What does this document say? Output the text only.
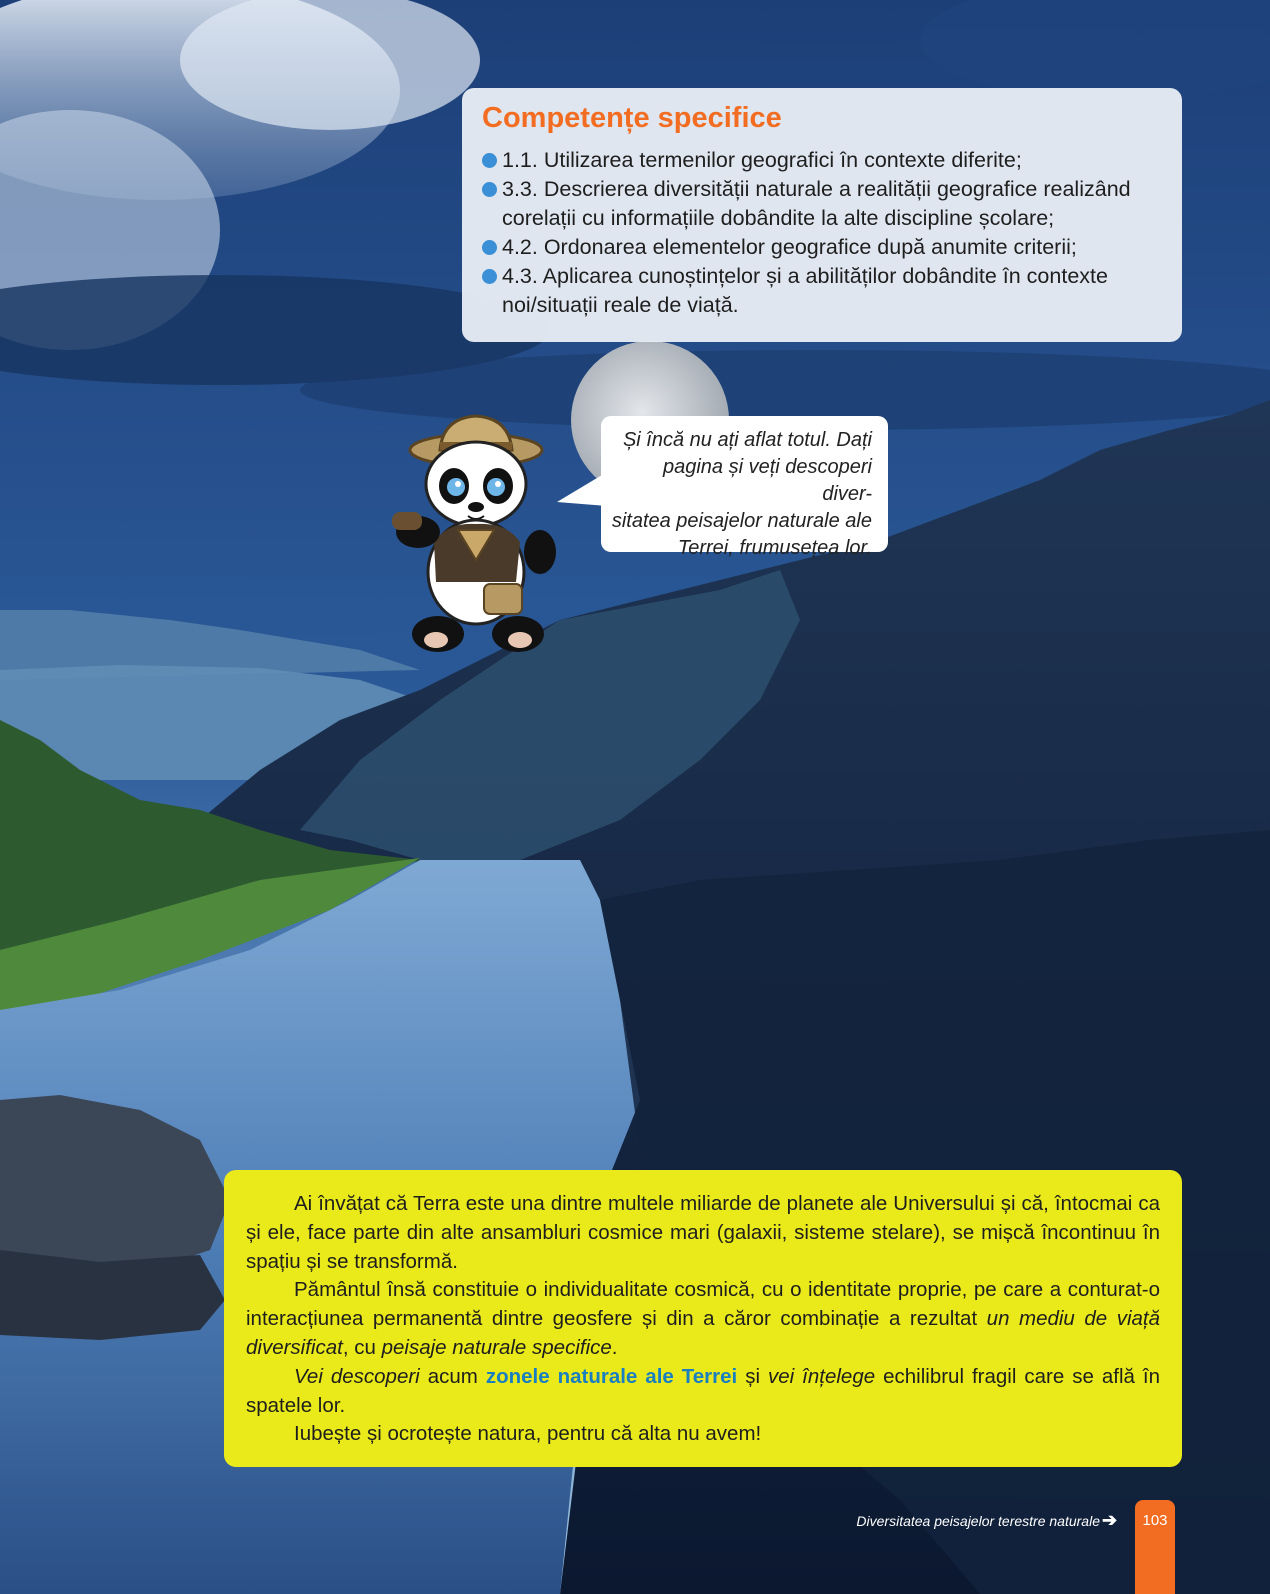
Competențe specifice
1.1. Utilizarea termenilor geografici în contexte diferite;
3.3. Descrierea diversității naturale a realității geografice realizând corelații cu informațiile dobândite la alte discipline școlare;
4.2. Ordonarea elementelor geografice după anumite criterii;
4.3. Aplicarea cunoștințelor și a abilităților dobândite în contexte noi/situații reale de viață.
Și încă nu ați aflat totul. Dați
pagina și veți descoperi diver-
sitatea peisajelor naturale ale
Terrei, frumusețea lor.

Ai învățat că Terra este una dintre multele miliarde de planete ale Universului și că, întocmai ca și ele, face parte din alte ansambluri cosmice mari (galaxii, sisteme stelare), se mișcă încontinuu în spațiu și se transformă.

Pământul însă constituie o individualitate cosmică, cu o identitate proprie, pe care a conturat-o interacțiunea permanentă dintre geosfere și din a căror combinație a rezultat un mediu de viață diversificat, cu peisaje naturale specifice.

Vei descoperi acum zonele naturale ale Terrei și vei înțelege echilibrul fragil care se află în spatele lor.

Iubește și ocrotește natura, pentru că alta nu avem!

Diversitatea peisajelor terestre naturale ➔	103
